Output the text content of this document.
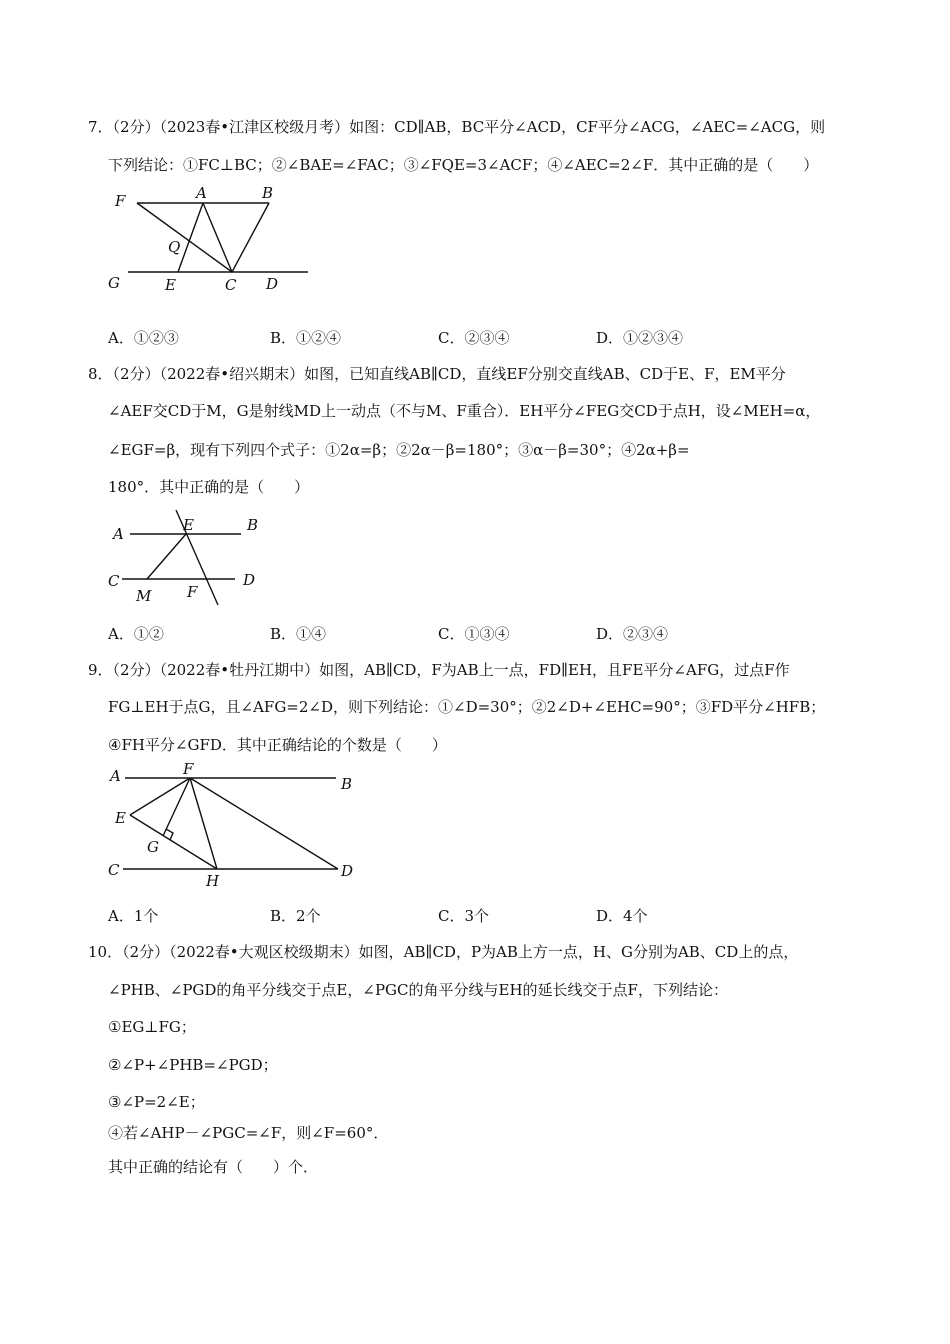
7．（2分）（2023春•江津区校级月考）如图：CD∥AB，BC平分∠ACD，CF平分∠ACG，∠AEC=∠ACG，则
下列结论：①FC⊥BC；②∠BAE=∠FAC；③∠FQE=3∠ACF；④∠AEC=2∠F．其中正确的是（　　）
F	A	B
Q
G	E	C D
A．①②③	B．①②④	C．②③④	D．①②③④
8．（2分）（2022春•绍兴期末）如图，已知直线AB∥CD，直线EF分别交直线AB、CD于E、F，EM平分
∠AEF交CD于M，G是射线MD上一动点（不与M、F重合）．EH平分∠FEG交CD于点H，设∠MEH=α，
∠EGF=β，现有下列四个式子：①2α=β；②2α－β=180°；③α－β=30°；④2α+β=
180°．其中正确的是（　　）
A	E	B
C	D
M F
A．①②	B．①④	C．①③④	D．②③④
9．（2分）（2022春•牡丹江期中）如图，AB∥CD，F为AB上一点，FD∥EH，且FE平分∠AFG，过点F作
FG⊥EH于点G，且∠AFG=2∠D，则下列结论：①∠D=30°；②2∠D+∠EHC=90°；③FD平分∠HFB；
④FH平分∠GFD．其中正确结论的个数是（　　）
A	F
B
E
G
C
H
D
A．1个	B．2个	C．3个	D．4个
10．（2分）（2022春•大观区校级期末）如图，AB∥CD，P为AB上方一点，H、G分别为AB、CD上的点，
∠PHB、∠PGD的角平分线交于点E，∠PGC的角平分线与EH的延长线交于点F，下列结论：
①EG⊥FG；
②∠P+∠PHB=∠PGD；
③∠P=2∠E；
④若∠AHP－∠PGC=∠F，则∠F=60°．
其中正确的结论有（　　）个．
